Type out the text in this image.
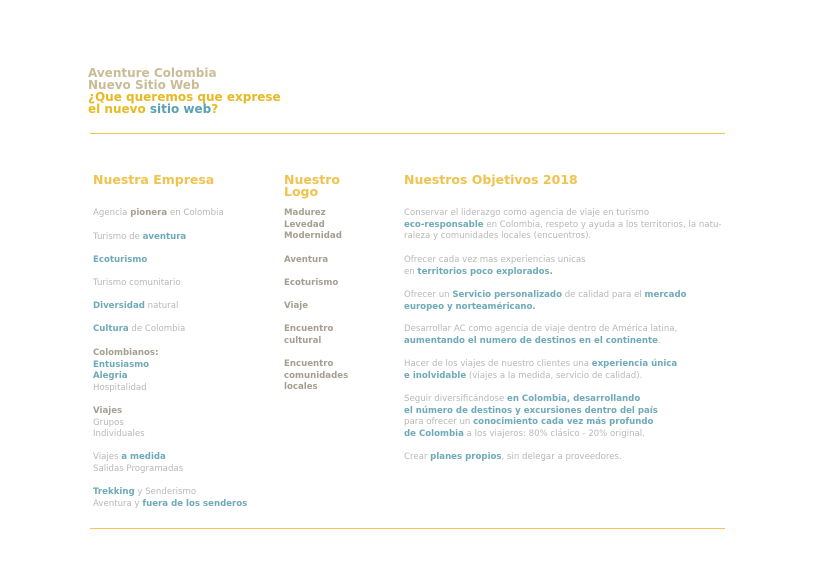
Aventure Colombia
Nuevo Sitio Web
¿Que queremos que exprese
el nuevo sitio web?
Nuestra Empresa

Agencia pionera en Colombia

Turismo de aventura

Ecoturismo

Turismo comunitario

Diversidad natural

Cultura de Colombia

Colombianos:
Entusiasmo
Alegria
Hospitalidad

Viajes
Grupos
Individuales

Viajes a medida
Salidas Programadas

Trekking y Senderismo
Aventura y fuera de los senderos

Nuestro
Logo

Madurez
Levedad
Modernidad

Aventura

Ecoturismo

Viaje

Encuentro
cultural

Encuentro
comunidades
locales

Nuestros Objetivos 2018

Conservar el liderazgo como agencia de viaje en turismo
eco-responsable en Colombia, respeto y ayuda a los territorios, la natu-
raleza y comunidades locales (encuentros).

Ofrecer cada vez mas experiencias unicas
en territorios poco explorados.

Ofrecer un Servicio personalizado de calidad para el mercado
europeo y norteaméricano.

Desarrollar AC como agencia de viaje dentro de América latina,
aumentando el numero de destinos en el continente.

Hacer de los viajes de nuestro clientes una experiencia única
e inolvidable (viajes a la medida, servicio de calidad).

Seguir diversificándose en Colombia, desarrollando
el número de destinos y excursiones dentro del país
para ofrecer un conocimiento cada vez más profundo
de Colombia a los viajeros: 80% clásico - 20% original.

Crear planes propios, sin delegar a proveedores.
